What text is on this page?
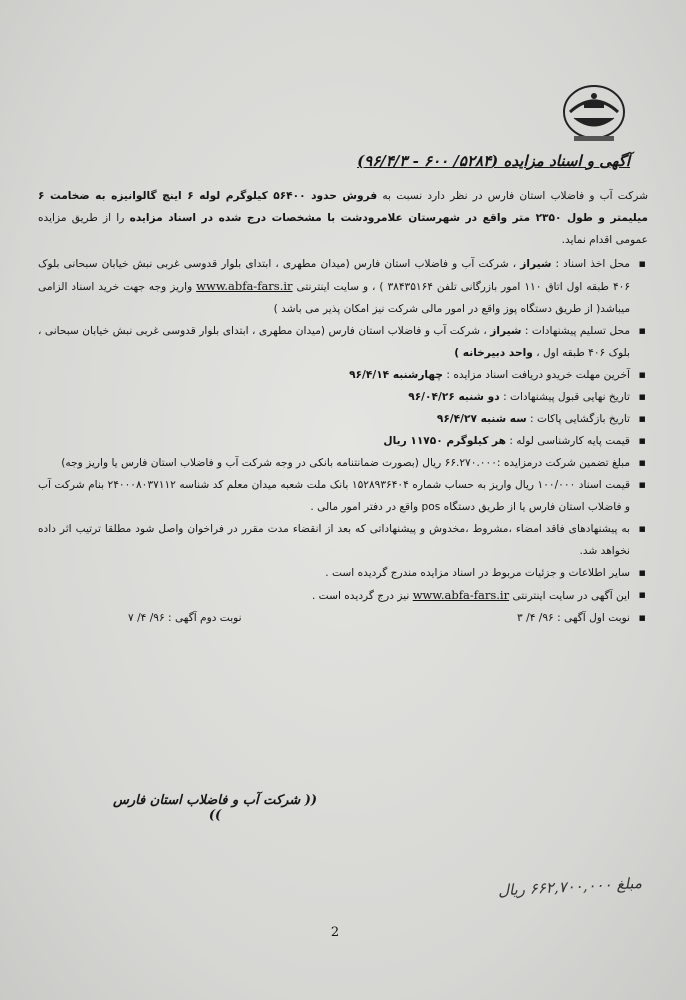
آگهی و اسناد مزایده (۵۲۸۴/ ۶۰۰ - ۹۶/۴/۳)

شرکت آب و فاضلاب استان فارس در نظر دارد نسبت به فروش حدود ۵۶۴۰۰ کیلوگرم لوله ۶ اینچ گالوانیزه به ضخامت ۶ میلیمتر و طول ۲۳۵۰ متر واقع در شهرستان علامرودشت با مشخصات درج شده در اسناد مزایده را از طریق مزایده عمومی اقدام نماید.

▪ محل اخذ اسناد : شیراز ، شرکت آب و فاضلاب استان فارس (میدان مطهری ، ابتدای بلوار قدوسی غربی نبش خیابان سبحانی بلوک ۴۰۶ طبقه اول اتاق ۱۱۰ امور بازرگانی تلفن ۳۸۴۳۵۱۶۴ ) ، و سایت اینترنتی www.abfa-fars.ir واریز وجه جهت خرید اسناد الزامی میباشد( از طریق دستگاه پوز واقع در امور مالی شرکت نیز امکان پذیر می باشد )
▪ محل تسلیم پیشنهادات : شیراز ، شرکت آب و فاضلاب استان فارس (میدان مطهری ، ابتدای بلوار قدوسی غربی نبش خیابان سبحانی ، بلوک ۴۰۶ طبقه اول ، واحد دبیرخانه )
▪ آخرین مهلت خریدو دریافت اسناد مزایده : چهارشنبه ۹۶/۴/۱۴
▪ تاریخ نهایی قبول پیشنهادات : دو شنبه ۹۶/۰۴/۲۶
▪ تاریخ بازگشایی پاکات : سه شنبه ۹۶/۴/۲۷
▪ قیمت پایه کارشناسی لوله : هر کیلوگرم ۱۱۷۵۰ ریال
▪ مبلغ تضمین شرکت درمزایده :۶۶.۲۷۰.۰۰۰ ریال (بصورت ضمانتنامه بانکی در وجه شرکت آب و فاضلاب استان فارس یا واریز وجه)
▪ قیمت اسناد ۱۰۰/۰۰۰ ریال واریز به حساب شماره ۱۵۲۸۹۳۶۴۰۴ بانک ملت شعبه میدان معلم کد شناسه ۲۴۰۰۰۸۰۳۷۱۱۲ بنام شرکت آب و فاضلاب استان فارس یا از طریق دستگاه pos واقع در دفتر امور مالی .
▪ به پیشنهادهای فاقد امضاء ،مشروط ،مخدوش و پیشنهاداتی که بعد از انقضاء مدت مقرر در فراخوان واصل شود مطلقا ترتیب اثر داده نخواهد شد.
▪ سایر اطلاعات و جزئیات مربوط در اسناد مزایده مندرج گردیده است .
▪ این آگهی در سایت اینترنتی www.abfa-fars.ir نیز درج گردیده است .
▪ نوبت اول آگهی : ۹۶/ ۴/ ۳
نوبت دوم آگهی : ۹۶/ ۴/ ۷
(( شرکت آب و فاضلاب استان فارس ))
مبلغ ۶۶۲,۷۰۰,۰۰۰ ریال
2
